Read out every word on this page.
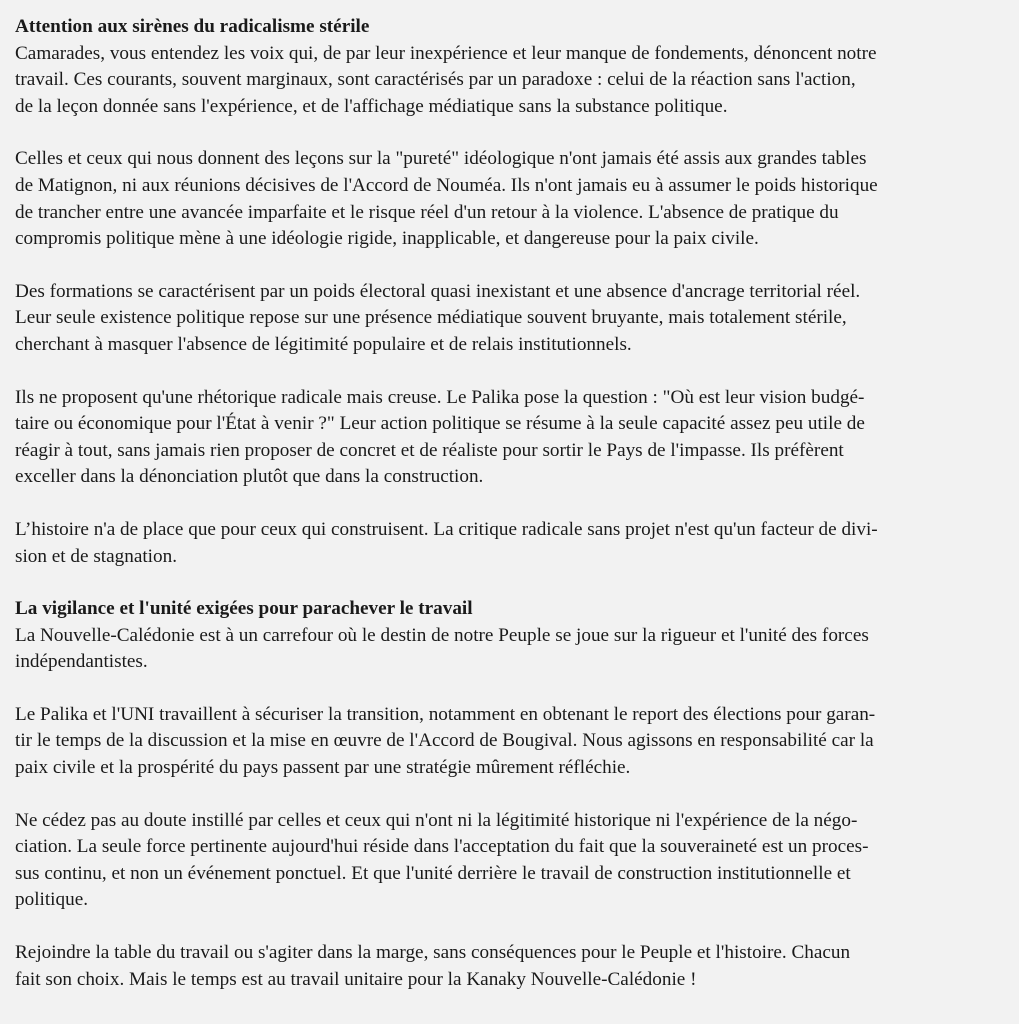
Attention aux sirènes du radicalisme stérile
Camarades, vous entendez les voix qui, de par leur inexpérience et leur manque de fondements, dénoncent notre
travail. Ces courants, souvent marginaux, sont caractérisés par un paradoxe : celui de la réaction sans l'action,
de la leçon donnée sans l'expérience, et de l'affichage médiatique sans la substance politique.
Celles et ceux qui nous donnent des leçons sur la "pureté" idéologique n'ont jamais été assis aux grandes tables
de Matignon, ni aux réunions décisives de l'Accord de Nouméa. Ils n'ont jamais eu à assumer le poids historique
de trancher entre une avancée imparfaite et le risque réel d'un retour à la violence. L'absence de pratique du
compromis politique mène à une idéologie rigide, inapplicable, et dangereuse pour la paix civile.
Des formations se caractérisent par un poids électoral quasi inexistant et une absence d'ancrage territorial réel.
Leur seule existence politique repose sur une présence médiatique souvent bruyante, mais totalement stérile,
cherchant à masquer l'absence de légitimité populaire et de relais institutionnels.
Ils ne proposent qu'une rhétorique radicale mais creuse. Le Palika pose la question : "Où est leur vision budgé-
taire ou économique pour l'État à venir ?" Leur action politique se résume à la seule capacité assez peu utile de
réagir à tout, sans jamais rien proposer de concret et de réaliste pour sortir le Pays de l'impasse. Ils préfèrent
exceller dans la dénonciation plutôt que dans la construction.
L’histoire n'a de place que pour ceux qui construisent. La critique radicale sans projet n'est qu'un facteur de divi-
sion et de stagnation.
La vigilance et l'unité exigées pour parachever le travail
La Nouvelle-Calédonie est à un carrefour où le destin de notre Peuple se joue sur la rigueur et l'unité des forces
indépendantistes.
Le Palika et l'UNI travaillent à sécuriser la transition, notamment en obtenant le report des élections pour garan-
tir le temps de la discussion et la mise en œuvre de l'Accord de Bougival. Nous agissons en responsabilité car la
paix civile et la prospérité du pays passent par une stratégie mûrement réfléchie.
Ne cédez pas au doute instillé par celles et ceux qui n'ont ni la légitimité historique ni l'expérience de la négo-
ciation. La seule force pertinente aujourd'hui réside dans l'acceptation du fait que la souveraineté est un proces-
sus continu, et non un événement ponctuel. Et que l'unité derrière le travail de construction institutionnelle et
politique.
Rejoindre la table du travail ou s'agiter dans la marge, sans conséquences pour le Peuple et l'histoire. Chacun
fait son choix. Mais le temps est au travail unitaire pour la Kanaky Nouvelle-Calédonie !
